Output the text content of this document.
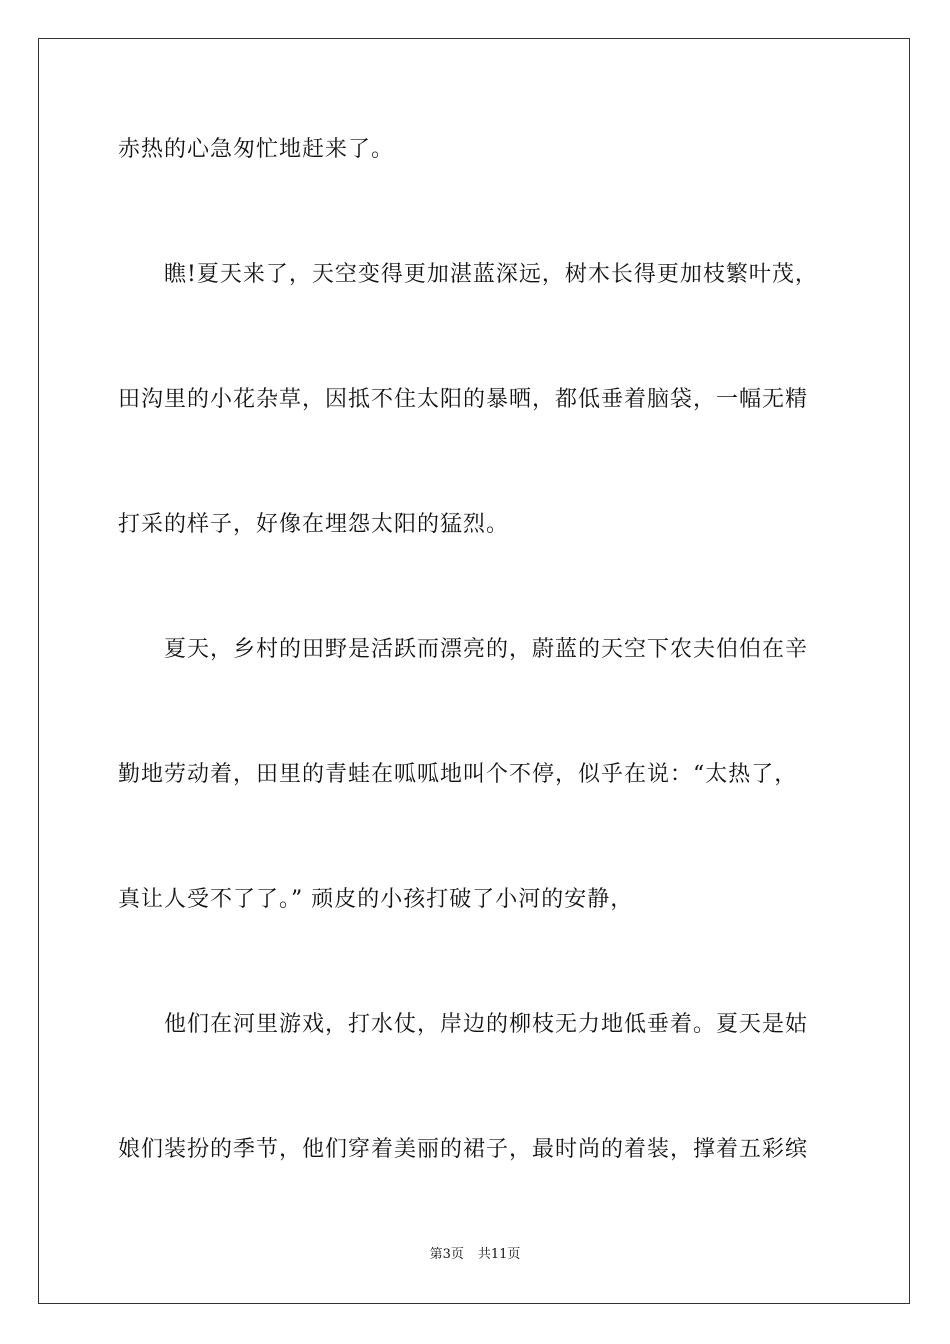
赤热的心急匆忙地赶来了。
瞧!夏天来了，天空变得更加湛蓝深远，树木长得更加枝繁叶茂，
田沟里的小花杂草，因抵不住太阳的暴晒，都低垂着脑袋，一幅无精
打采的样子，好像在埋怨太阳的猛烈。
夏天，乡村的田野是活跃而漂亮的，蔚蓝的天空下农夫伯伯在辛
勤地劳动着，田里的青蛙在呱呱地叫个不停，似乎在说：“太热了，
真让人受不了了。” 顽皮的小孩打破了小河的安静，
他们在河里游戏，打水仗，岸边的柳枝无力地低垂着。夏天是姑
娘们装扮的季节，他们穿着美丽的裙子，最时尚的着装，撑着五彩缤
第3页 共11页
